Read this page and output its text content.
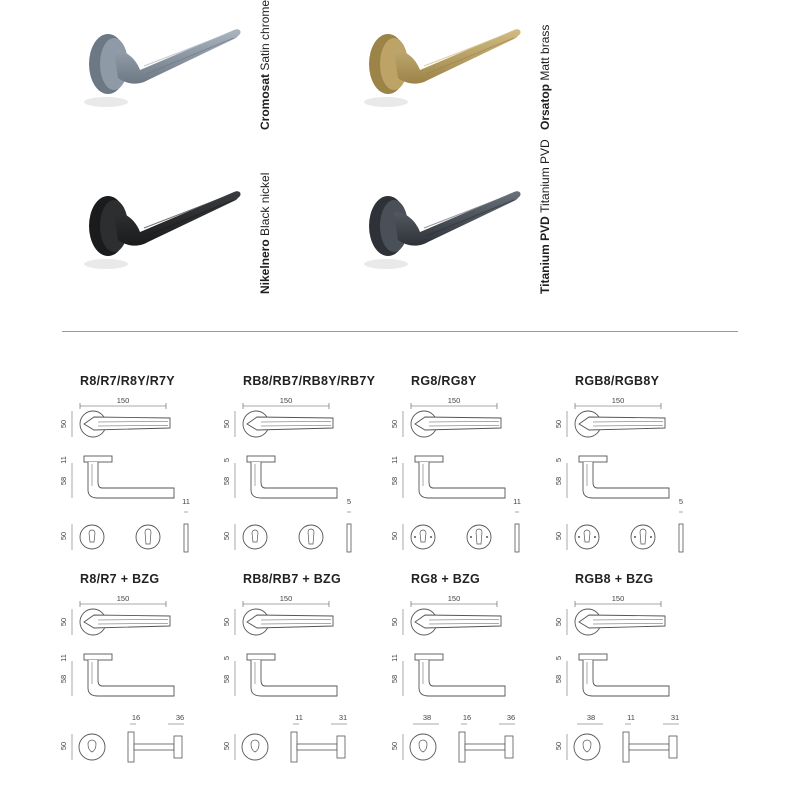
Cromosat Satin chrome
Orsatop Matt brass
Nikelnero Black nickel
Titanium PVD Titanium PVD
R8/R7/R8Y/R7Y
150
50
11
58
50
11
RB8/RB7/RB8Y/RB7Y
150
50
5
58
50
5
RG8/RG8Y
150
50
11
58
50
11
RGB8/RGB8Y
150
50
5
58
50
5
R8/R7 + BZG
150
50
11
58
50
16	36
RB8/RB7 + BZG
150
50
5
58
50
11	31
RG8 + BZG
150
50
11
58
50
16	36
38
RGB8 + BZG
150
50
5
58
50
11	31
38
